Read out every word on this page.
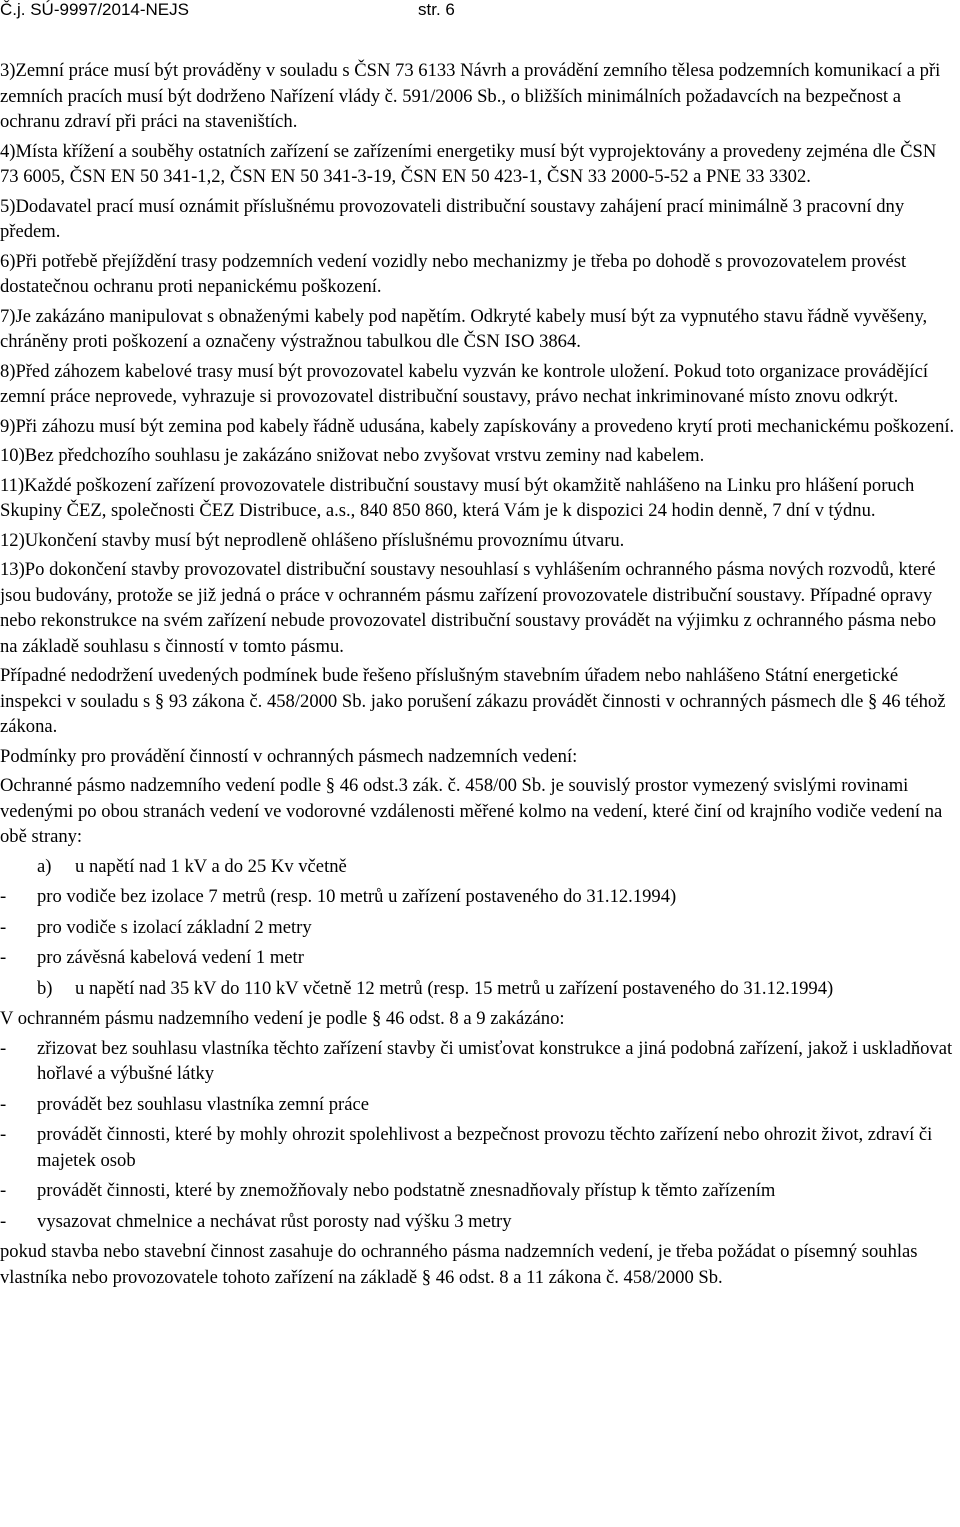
Č.j. SÚ-9997/2014-NEJS	str. 6

3)Zemní práce musí být prováděny v souladu s ČSN 73 6133 Návrh a provádění zemního tělesa podzemních komunikací a při zemních pracích musí být dodrženo Nařízení vlády č. 591/2006 Sb., o bližších minimálních požadavcích na bezpečnost a ochranu zdraví při práci na staveništích.

4)Místa křížení a souběhy ostatních zařízení se zařízeními energetiky musí být vyprojektovány a provedeny zejména dle ČSN 73 6005, ČSN EN 50 341-1,2, ČSN EN 50 341-3-19, ČSN EN 50 423-1, ČSN 33 2000-5-52 a PNE 33 3302.

5)Dodavatel prací musí oznámit příslušnému provozovateli distribuční soustavy zahájení prací minimálně 3 pracovní dny předem.

6)Při potřebě přejíždění trasy podzemních vedení vozidly nebo mechanizmy je třeba po dohodě s provozovatelem provést dostatečnou ochranu proti nepanickému poškození.

7)Je zakázáno manipulovat s obnaženými kabely pod napětím. Odkryté kabely musí být za vypnutého stavu řádně vyvěšeny, chráněny proti poškození a označeny výstražnou tabulkou dle ČSN ISO 3864.

8)Před záhozem kabelové trasy musí být provozovatel kabelu vyzván ke kontrole uložení. Pokud toto organizace provádějící zemní práce neprovede, vyhrazuje si provozovatel distribuční soustavy, právo nechat inkriminované místo znovu odkrýt.

9)Při záhozu musí být zemina pod kabely řádně udusána, kabely zapískovány a provedeno krytí proti mechanickému poškození.

10)Bez předchozího souhlasu je zakázáno snižovat nebo zvyšovat vrstvu zeminy nad kabelem.

11)Každé poškození zařízení provozovatele distribuční soustavy musí být okamžitě nahlášeno na Linku pro hlášení poruch Skupiny ČEZ, společnosti ČEZ Distribuce, a.s., 840 850 860, která Vám je k dispozici 24 hodin denně, 7 dní v týdnu.

12)Ukončení stavby musí být neprodleně ohlášeno příslušnému provoznímu útvaru.

13)Po dokončení stavby provozovatel distribuční soustavy nesouhlasí s vyhlášením ochranného pásma nových rozvodů, které jsou budovány, protože se již jedná o práce v ochranném pásmu zařízení provozovatele distribuční soustavy. Případné opravy nebo rekonstrukce na svém zařízení nebude provozovatel distribuční soustavy provádět na výjimku z ochranného pásma nebo na základě souhlasu s činností v tomto pásmu.

Případné nedodržení uvedených podmínek bude řešeno příslušným stavebním úřadem nebo nahlášeno Státní energetické inspekci v souladu s § 93 zákona č. 458/2000 Sb. jako porušení zákazu provádět činnosti v ochranných pásmech dle § 46 téhož zákona.

Podmínky pro provádění činností v ochranných pásmech nadzemních vedení:

Ochranné pásmo nadzemního vedení podle § 46 odst.3 zák. č. 458/00 Sb. je souvislý prostor vymezený svislými rovinami vedenými po obou stranách vedení ve vodorovné vzdálenosti měřené kolmo na vedení, které činí od krajního vodiče vedení na obě strany:

a) u napětí nad 1 kV a do 25 Kv včetně
- pro vodiče bez izolace 7 metrů (resp. 10 metrů u zařízení postaveného do 31.12.1994)
- pro vodiče s izolací základní 2 metry
- pro závěsná kabelová vedení 1 metr
b) u napětí nad 35 kV do 110 kV včetně 12 metrů (resp. 15 metrů u zařízení postaveného do 31.12.1994)

V ochranném pásmu nadzemního vedení je podle § 46 odst. 8 a 9 zakázáno:

- zřizovat bez souhlasu vlastníka těchto zařízení stavby či umisťovat konstrukce a jiná podobná zařízení, jakož i uskladňovat hořlavé a výbušné látky
- provádět bez souhlasu vlastníka zemní práce
- provádět činnosti, které by mohly ohrozit spolehlivost a bezpečnost provozu těchto zařízení nebo ohrozit život, zdraví či majetek osob
- provádět činnosti, které by znemožňovaly nebo podstatně znesnadňovaly přístup k těmto zařízením
- vysazovat chmelnice a nechávat růst porosty nad výšku 3 metry

pokud stavba nebo stavební činnost zasahuje do ochranného pásma nadzemních vedení, je třeba požádat o písemný souhlas vlastníka nebo provozovatele tohoto zařízení na základě § 46 odst. 8 a 11 zákona č. 458/2000 Sb.
